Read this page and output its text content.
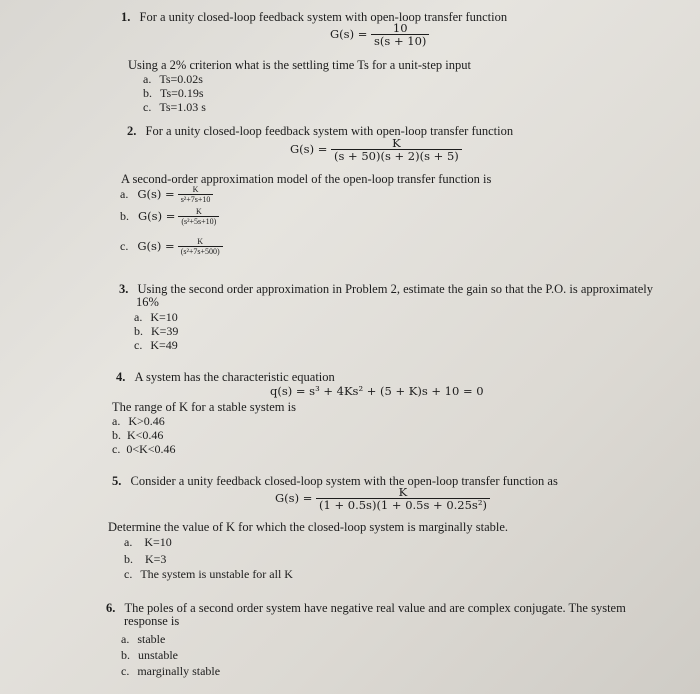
1. For a unity closed-loop feedback system with open-loop transfer function
$G(s) = \frac{10}{s(s + 10)}$
Using a 2% criterion what is the settling time Ts for a unit-step input
a. Ts=0.02s
b. Ts=0.19s
c. Ts=1.03 s
2. For a unity closed-loop feedback system with open-loop transfer function
$G(s) = \frac{K}{(s + 50)(s + 2)(s + 5)}$
A second-order approximation model of the open-loop transfer function is
a. $G(s) = \frac{K}{\text{s²+7s+10}}$
b. $G(s) = \frac{K}{\text{(s²+5s+10)}}$
c. $G(s) = \frac{K}{\text{(s²+7s+500)}}$
3. Using the second order approximation in Problem 2, estimate the gain so that the P.O. is approximately
16%
a. K=10
b. K=39
c. K=49
4. A system has the characteristic equation
q(s) = s³ + 4Ks² + (5 + K)s + 10 = 0
The range of K for a stable system is
a. K>0.46
b. K<0.46
c. 0<K<0.46
5. Consider a unity feedback closed-loop system with the open-loop transfer function as
$G(s) = \frac{K}{\text{(1 + 0.5s)(1 + 0.5s + 0.25s²)}}$
Determine the value of K for which the closed-loop system is marginally stable.
a. K=10
b. K=3
c. The system is unstable for all K
6. The poles of a second order system have negative real value and are complex conjugate. The system
response is
a. stable
b. unstable
c. marginally stable
